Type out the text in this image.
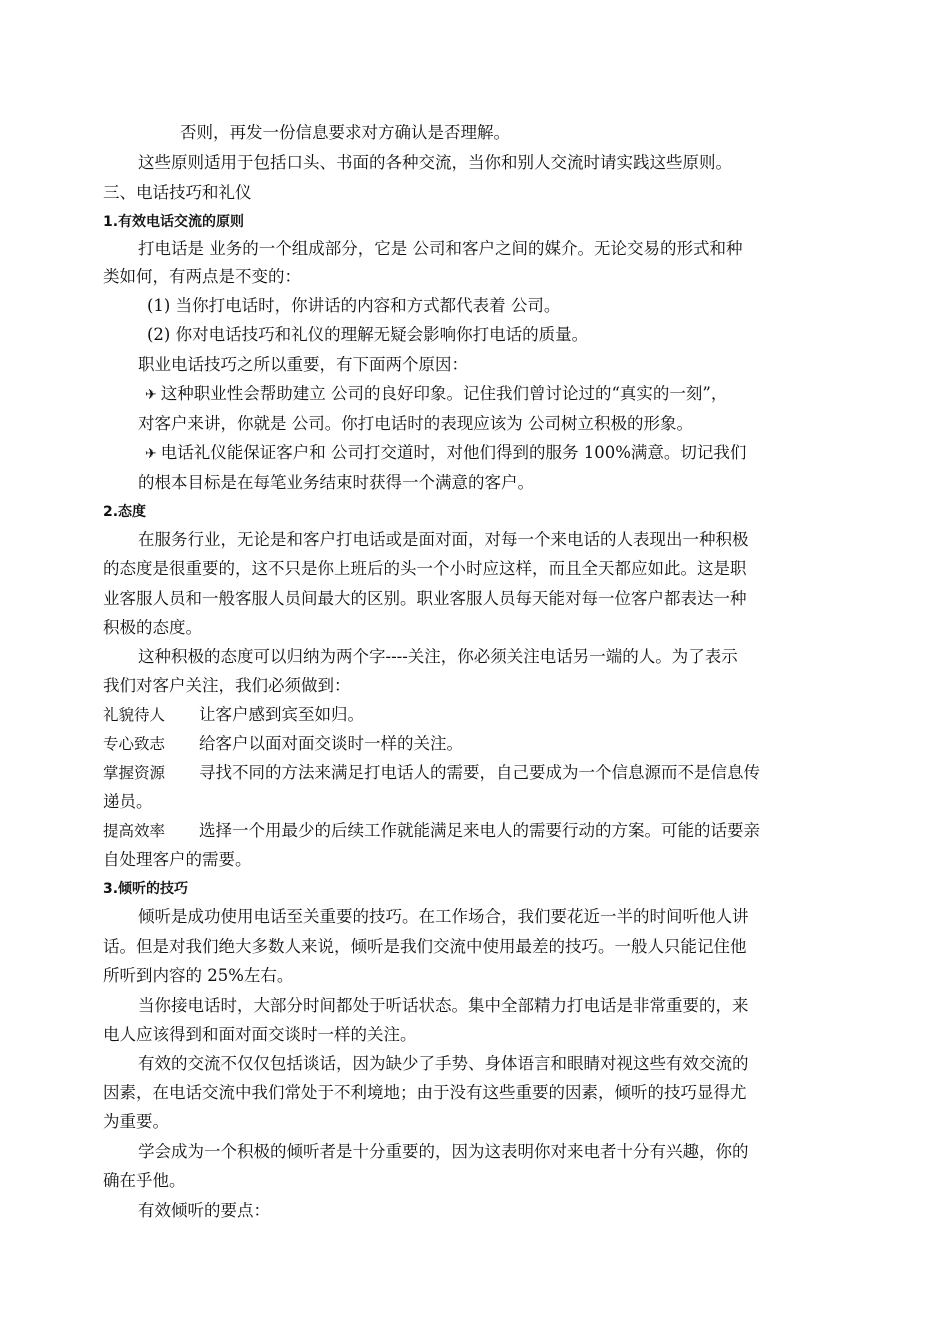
否则，再发一份信息要求对方确认是否理解。
这些原则适用于包括口头、书面的各种交流，当你和别人交流时请实践这些原则。
三、电话技巧和礼仪
1.有效电话交流的原则
打电话是 业务的一个组成部分，它是 公司和客户之间的媒介。无论交易的形式和种
类如何，有两点是不变的：
(1) 当你打电话时，你讲话的内容和方式都代表着 公司。
(2) 你对电话技巧和礼仪的理解无疑会影响你打电话的质量。
职业电话技巧之所以重要，有下面两个原因：
✈ 这种职业性会帮助建立 公司的良好印象。记住我们曾讨论过的“真实的一刻”，
对客户来讲，你就是 公司。你打电话时的表现应该为 公司树立积极的形象。
✈ 电话礼仪能保证客户和 公司打交道时，对他们得到的服务 100%满意。切记我们
的根本目标是在每笔业务结束时获得一个满意的客户。
2.态度
在服务行业，无论是和客户打电话或是面对面，对每一个来电话的人表现出一种积极
的态度是很重要的，这不只是你上班后的头一个小时应这样，而且全天都应如此。这是职
业客服人员和一般客服人员间最大的区别。职业客服人员每天能对每一位客户都表达一种
积极的态度。
这种积极的态度可以归纳为两个字----关注，你必须关注电话另一端的人。为了表示
我们对客户关注，我们必须做到：
礼貌待人 让客户感到宾至如归。
专心致志 给客户以面对面交谈时一样的关注。
掌握资源 寻找不同的方法来满足打电话人的需要，自己要成为一个信息源而不是信息传
递员。
提高效率 选择一个用最少的后续工作就能满足来电人的需要行动的方案。可能的话要亲
自处理客户的需要。
3.倾听的技巧
倾听是成功使用电话至关重要的技巧。在工作场合，我们要花近一半的时间听他人讲
话。但是对我们绝大多数人来说，倾听是我们交流中使用最差的技巧。一般人只能记住他
所听到内容的 25%左右。
当你接电话时，大部分时间都处于听话状态。集中全部精力打电话是非常重要的，来
电人应该得到和面对面交谈时一样的关注。
有效的交流不仅仅包括谈话，因为缺少了手势、身体语言和眼睛对视这些有效交流的
因素，在电话交流中我们常处于不利境地；由于没有这些重要的因素，倾听的技巧显得尤
为重要。
学会成为一个积极的倾听者是十分重要的，因为这表明你对来电者十分有兴趣，你的
确在乎他。
有效倾听的要点：
